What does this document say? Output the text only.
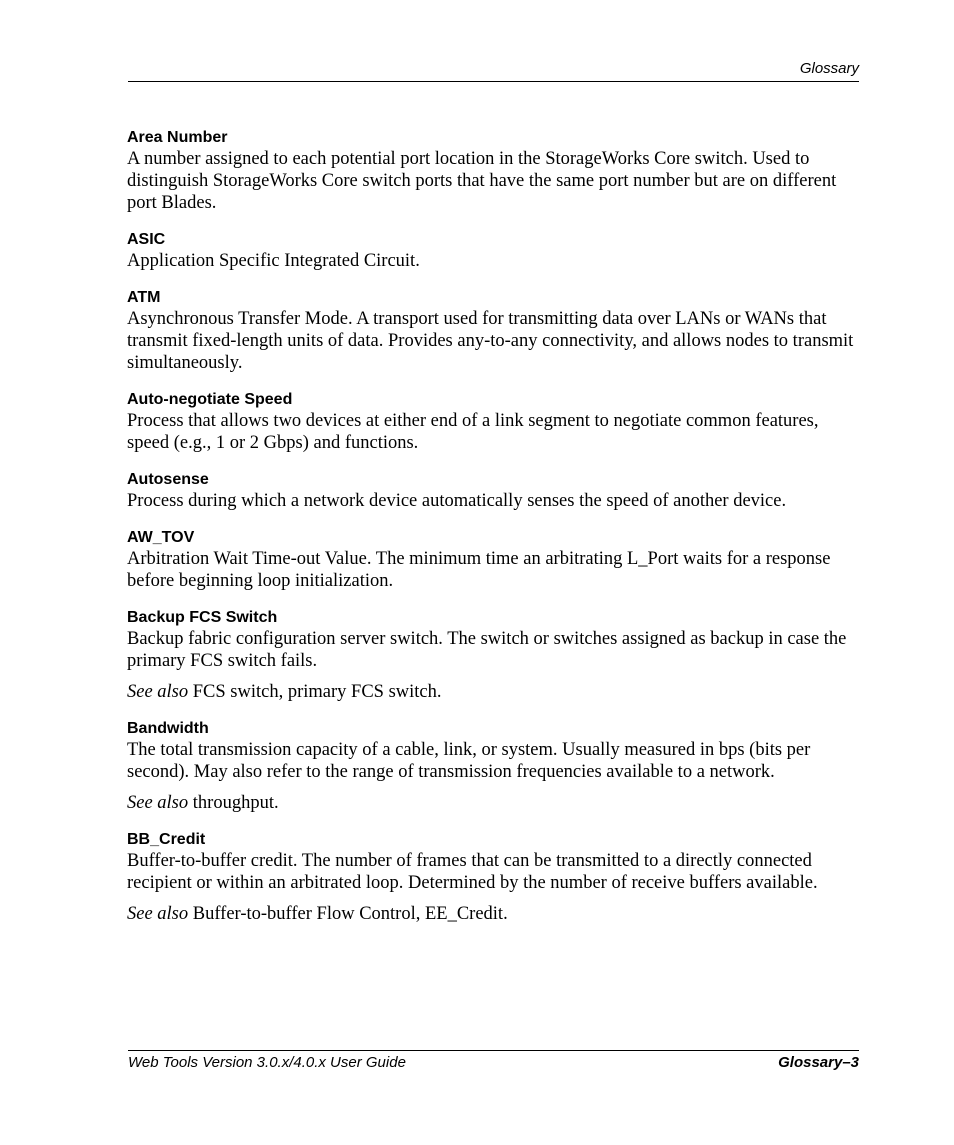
Glossary

Area Number

A number assigned to each potential port location in the StorageWorks Core switch. Used to distinguish StorageWorks Core switch ports that have the same port number but are on different port Blades.

ASIC

Application Specific Integrated Circuit.

ATM

Asynchronous Transfer Mode. A transport used for transmitting data over LANs or WANs that transmit fixed-length units of data. Provides any-to-any connectivity, and allows nodes to transmit simultaneously.

Auto-negotiate Speed

Process that allows two devices at either end of a link segment to negotiate common features, speed (e.g., 1 or 2 Gbps) and functions.

Autosense

Process during which a network device automatically senses the speed of another device.

AW_TOV

Arbitration Wait Time-out Value. The minimum time an arbitrating L_Port waits for a response before beginning loop initialization.

Backup FCS Switch

Backup fabric configuration server switch. The switch or switches assigned as backup in case the primary FCS switch fails.

See also FCS switch, primary FCS switch.

Bandwidth

The total transmission capacity of a cable, link, or system. Usually measured in bps (bits per second). May also refer to the range of transmission frequencies available to a network.

See also throughput.

BB_Credit

Buffer-to-buffer credit. The number of frames that can be transmitted to a directly connected recipient or within an arbitrated loop. Determined by the number of receive buffers available.

See also Buffer-to-buffer Flow Control, EE_Credit.

Web Tools Version 3.0.x/4.0.x User Guide	Glossary–3
